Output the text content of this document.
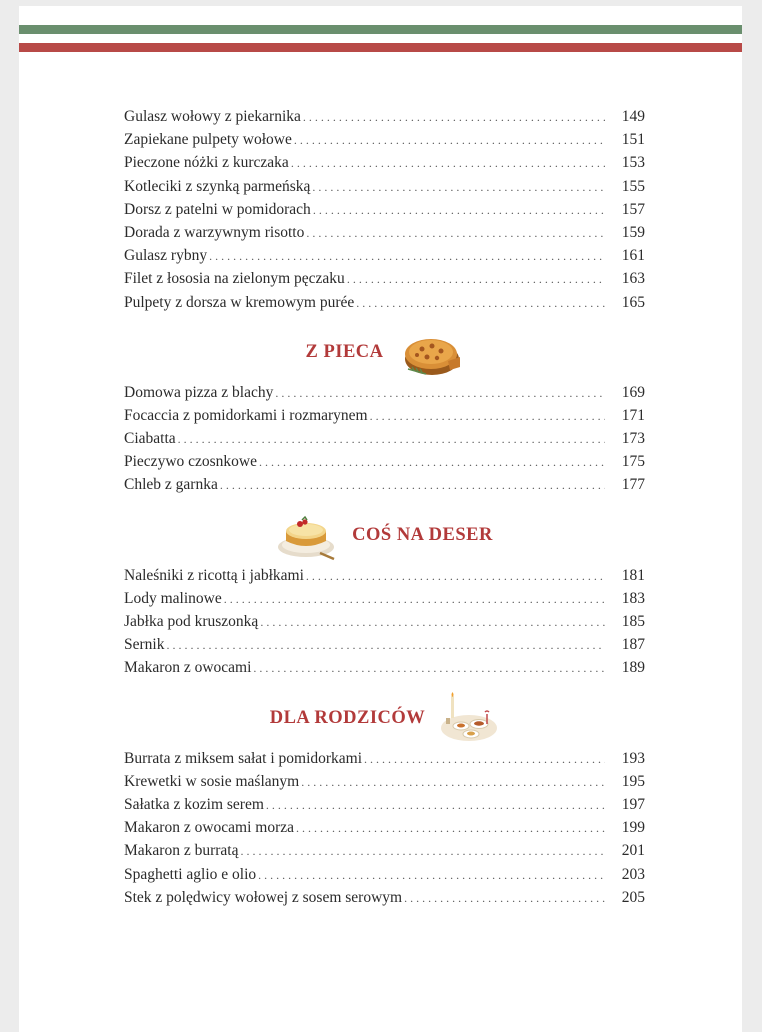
Gulasz wołowy z piekarnika . . .	149
Zapiekane pulpety wołowe . . .	151
Pieczone nóżki z kurczaka . . .	153
Kotleciki z szynką parmeńską . . .	155
Dorsz z patelni w pomidorach . . .	157
Dorada z warzywnym risotto . . .	159
Gulasz rybny . . .	161
Filet z łososia na zielonym pęczaku . . .	163
Pulpety z dorsza w kremowym purée . . .	165
Z PIECA
Domowa pizza z blachy . . .	169
Focaccia z pomidorkami i rozmarynem . . .	171
Ciabatta . . .	173
Pieczywo czosnkowe . . .	175
Chleb z garnka . . .	177
COŚ NA DESER
Naleśniki z ricottą i jabłkami . . .	181
Lody malinowe . . .	183
Jabłka pod kruszonką . . .	185
Sernik . . .	187
Makaron z owocami . . .	189
DLA RODZICÓW
Burrata z miksem sałat i pomidorkami . . .	193
Krewetki w sosie maślanym . . .	195
Sałatka z kozim serem . . .	197
Makaron z owocami morza . . .	199
Makaron z burratą . . .	201
Spaghetti aglio e olio . . .	203
Stek z polędwicy wołowej z sosem serowym . . .	205
